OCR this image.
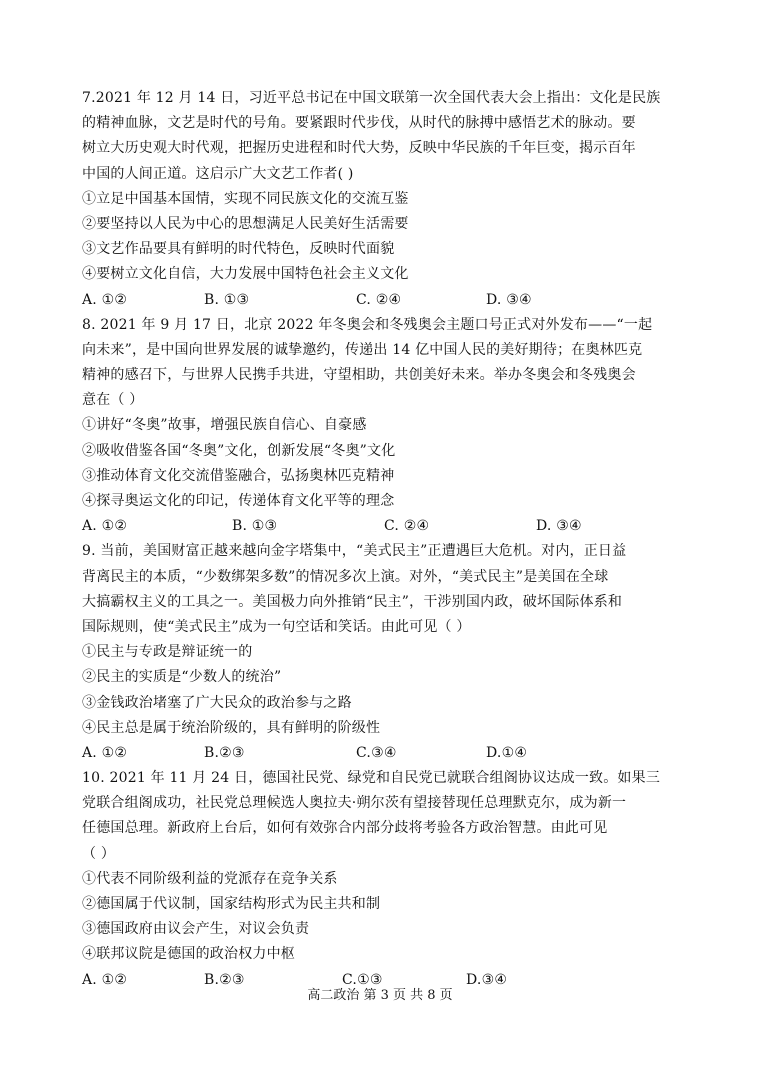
7.2021 年 12 月 14 日，习近平总书记在中国文联第一次全国代表大会上指出：文化是民族
的精神血脉，文艺是时代的号角。要紧跟时代步伐，从时代的脉搏中感悟艺术的脉动。要
树立大历史观大时代观，把握历史进程和时代大势，反映中华民族的千年巨变，揭示百年
中国的人间正道。这启示广大文艺工作者( )
①立足中国基本国情，实现不同民族文化的交流互鉴
②要坚持以人民为中心的思想满足人民美好生活需要
③文艺作品要具有鲜明的时代特色，反映时代面貌
④要树立文化自信，大力发展中国特色社会主义文化
A. ①②	B. ①③	C. ②④	D. ③④
8. 2021 年 9 月 17 日，北京 2022 年冬奥会和冬残奥会主题口号正式对外发布——“一起
向未来”，是中国向世界发展的诚挚邀约，传递出 14 亿中国人民的美好期待；在奥林匹克
精神的感召下，与世界人民携手共进，守望相助，共创美好未来。举办冬奥会和冬残奥会
意在（ ）
①讲好“冬奥”故事，增强民族自信心、自豪感
②吸收借鉴各国“冬奥”文化，创新发展“冬奥”文化
③推动体育文化交流借鉴融合，弘扬奥林匹克精神
④探寻奥运文化的印记，传递体育文化平等的理念
A. ①②	B. ①③	C. ②④	D. ③④
9. 当前，美国财富正越来越向金字塔集中，“美式民主”正遭遇巨大危机。对内，正日益
背离民主的本质，“少数绑架多数”的情况多次上演。对外，“美式民主”是美国在全球
大搞霸权主义的工具之一。美国极力向外推销“民主”，干涉别国内政，破坏国际体系和
国际规则，使“美式民主”成为一句空话和笑话。由此可见（ ）
①民主与专政是辩证统一的
②民主的实质是“少数人的统治”
③金钱政治堵塞了广大民众的政治参与之路
④民主总是属于统治阶级的，具有鲜明的阶级性
A. ①②	B.②③	C.③④	D.①④
10. 2021 年 11 月 24 日，德国社民党、绿党和自民党已就联合组阁协议达成一致。如果三
党联合组阁成功，社民党总理候选人奥拉夫·朔尔茨有望接替现任总理默克尔，成为新一
任德国总理。新政府上台后，如何有效弥合内部分歧将考验各方政治智慧。由此可见
（ ）
①代表不同阶级利益的党派存在竞争关系
②德国属于代议制，国家结构形式为民主共和制
③德国政府由议会产生，对议会负责
④联邦议院是德国的政治权力中枢
A. ①②	B.②③	C.①③	D.③④
高二政治 第 3 页 共 8 页
